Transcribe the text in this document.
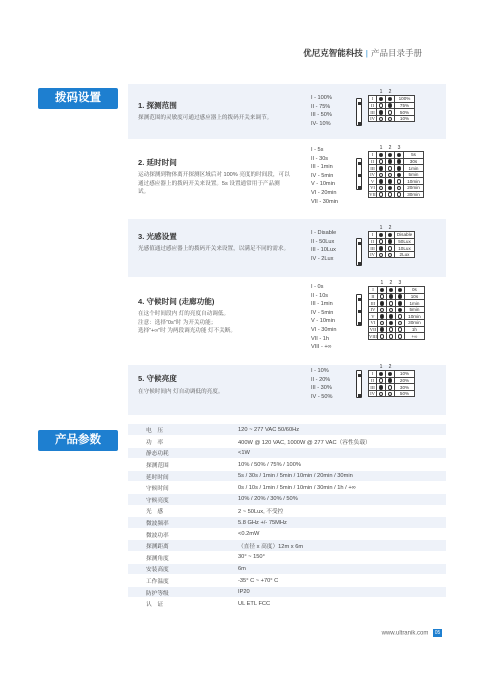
优尼克智能科技 | 产品目录手册
拨码设置
1. 探测范围
探测范围的灵敏度可通过感应器上的拨码开关来调节。
I - 100%
II - 75%
III - 50%
IV- 10%
	1	2	
I			100%
II			75%
III			50%
IV			10%
2. 延时时间
运动探测到物体离开探测区域后对 100% 亮度的时间段，可以通过感应器上的拨码开关来设置。5s 设置通常用于产品测试。
I - 5s
II - 30s
III - 1min
IV - 5min
V - 10min
VI - 20min
VII - 30min
	1	2	3	
I				5s
II				30s
III				1min
IV				5min
V				10min
VI				20min
VII				30min
3. 光感设置
光感值通过感应器上的拨码开关来设置，以满足不同的需求。
I - Disable
II - 50Lux
III - 10Lux
IV - 2Lux
	1	2	
I			Disable
II			50Lux
III			10Lux
IV			2Lux
4. 守候时间 (走廊功能)
在这个时间段内 灯的亮度自动调低。
注意：选择“0s”时 为开关功能；
选择“+∞”时 为两段调光功能 灯不关断。
I - 0s
II - 10s
III - 1min
IV - 5min
V - 10min
VI - 30min
VII - 1h
VIII - +∞
	1	2	3	
I				0s
II				10s
III				1min
IV				5min
V				10min
VI				30min
VII				1h
VIII				+∞
5. 守候亮度
在守候时间内 灯自动调低的亮度。
I - 10%
II - 20%
III - 30%
IV - 50%
	1	2	
I			10%
II			20%
III			30%
IV			50%
产品参数
电　压	120 ~ 277 VAC 50/60Hz
功　率	400W @ 120 VAC, 1000W @ 277 VAC（容性负载）
静态功耗	<1W
探测范围	10% / 50% / 75% / 100%
延时时间	5s / 30s / 1min / 5min / 10min / 20min / 30min
守候时间	0s / 10s / 1min / 5min / 10min / 30min / 1h / +∞
守候亮度	10% / 20% / 30% / 50%
光　感	2 ~ 50Lux, 不受控
微波频率	5.8 GHz +/- 75MHz
微波功率	<0.2mW
探测距离	（直径 x 高度）12m x 6m
探测角度	30° ~ 150°
安装高度	6m
工作温度	-35° C ~ +70° C
防护等级	IP20
认　证	UL ETL FCC
www.ultranik.com 05
